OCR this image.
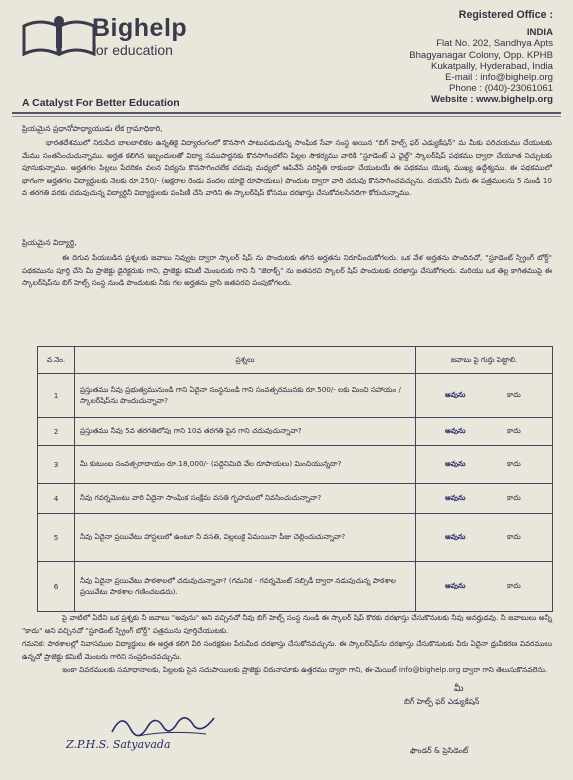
Bighelp
for education
A Catalyst For Better Education
Registered Office :
INDIA
Flat No. 202, Sandhya Apts
Bhagyanagar Colony, Opp. KPHB
Kukatpally, Hyderabad, India
E-mail : info@bighelp.org
Phone : (040)-23061061
Website : www.bighelp.org
ప్రియమైన ప్రధానోపాధ్యాయుడు లేక గ్రామాధికారి,
భారతదేశములో నిరుపేద బాలబాలికల ఉన్నతికై విద్యారంగంలో కొనసాగి పాటుపడుచున్న సాంఘిక సేవా సంస్థ అయిన "బిగ్ హెల్ప్ ఫర్ ఎడ్యుకేషన్" మ మీకు పరిచయము చేయుటకు మేము సంతసించుచున్నాము. అర్హత కలిగిన ఇబ్బందులతో విద్యా సముపార్జనకు కొనసాగించలేని పిల్లల సౌకర్యము వారికి "స్టూడెంట్ ఎ ఛైల్డ్" స్కాలర్‌షిప్ పథకము ద్వారా చేయూత నిచ్చుటకు పూనుకున్నాము. అర్హతగల పిల్లలు పేదరికం వలన విద్యను కొనసాగించలేక చదువు మధ్యలో ఆపివేసే పరిస్థితి రాకుండా చేయుటయే ఈ పథకము యొక్క ముఖ్య ఉద్దేశ్యము. ఈ పథకములో భాగంగా అర్హతగల విద్యార్థులకు నెలకు రూ.250/- (అక్షరాల రెండు వందల యాభై రూపాయలు) పొందుట ద్వారా వారి చదువు కొనసాగించవచ్చును. దయచేసి మీరు ఈ పత్రములను 5 నుండి 10 వ తరగతి వరకు చదువుచున్న విద్యార్థినీ విద్యార్థులకు పంపిణీ చేసి వారిని ఈ స్కాలర్‌షిప్ కోసము దరఖాస్తు చేసుకోవలసినదిగా కోరుచున్నాము.
ప్రియమైన విద్యార్థి,
ఈ దిగువ పేయబడిన ప్రశ్నలకు జవాబు నివ్వుట ద్వారా స్కాలర్ షిప్ ను పొందుటకు తగిన అర్హతను నిరూపించుకోగలరు. ఒక వేళ అర్హతను పొందినచో, "స్టూడెంట్ స్ప్రింగ్ బోర్డ్" పథకమును పూర్తి చేసి మీ ప్రాజెక్టు డైరెక్టరుకు గాని, ప్రాజెక్టు కమిటీ మెంబరుకు గాని నీ "జెరాక్స్" ను జతపరచి స్కాలర్ షిప్ పొందుటకు దరఖాస్తు చేసుకోగలరు. మరియు ఒక తెల్ల కాగితముపై ఈ స్కాలర్‌షిప్‌ను బిగ్ హెల్ప్ సంస్థ నుండి పొందుటకు నీకు గల అర్హతను వ్రాసి జతపరచి పంపుకోగలరు.
వ.నెం.	ప్రశ్నలు	జవాబు పై గుర్తు పెట్టాలి.
1	ప్రస్తుతము నీవు ప్రభుత్వమునుండి గాని ఏదైనా సంస్థనుండి గాని సంవత్సరమునకు రూ.500/- లకు మించి సహాయం / స్కాలర్‌షిప్‌ను పొందుచున్నావా?	అవును కాదు
2	ప్రస్తుతము నీవు 5వ తరగతిలోపు గాని 10వ తరగతి పైన గాని చదువుచున్నావా?	అవును కాదు
3	మీ కుటుంబ సంవత్సరాదాయం రూ.18,000/- (పద్దెనిమిది వేల రూపాయలు) మించియున్నదా?	అవును కాదు
4	నీవు గవర్నమెంటు వారి ఏదైనా సాంఘిక సంక్షేమ వసతి గృహములో నివసించుచున్నావా?	అవును కాదు
5	నీవు ఏదైనా ప్రయివేటు హాస్టలులో ఉంటూ నీ వసతి, విల్లలుకై ఏమయినా పీజు చెల్లించుచున్నావా?	అవును కాదు
6	నీవు ఏదైనా ప్రయివేటు పాఠశాలలో చదువుచున్నావా? (గమనిక - గవర్నమెంట్ సబ్సిడీ ద్వారా నడుపుచున్న పాఠశాల ప్రయివేటు పాఠశాల గణించబడదు).	అవును కాదు
పై వాటిలో ఏదేని ఒక ప్రశ్నకు నీ జవాబు "అవును" అని వచ్చినచో నీవు బిగ్ హెల్ప్ సంస్థ నుండి ఈ స్కాలర్ షిప్ కొరకు దరఖాస్తు చేసుకొనుటకు నీవు అనర్హుడవు. నీ జవాబులు అన్నీ "కాదు" అని వచ్చినచో "స్టూడెంట్ స్ప్రింగ్ బోర్డ్" పత్రమును పూర్తిచేయుటకు.
గమనిక: పాఠశాలల్లో నివాసముల విద్యార్థులు ఈ అర్హత కలిగి వీరి సంరక్షకుల పేరుమీద దరఖాస్తు చేసుకోనవచ్చును. ఈ స్కాలర్‌షిప్‌ను దరఖాస్తు చేసుకొనుటకు వీరు ఏదైనా ధ్రువీకరణ వివరములు ఉన్నచో ప్రాజెక్టు కమిటీ మెంబరు గారిని సంప్రదించవచ్చును.
ఇంకా వివరములకు సమాధానాలకు, పిల్లలకు సైన సదుపాయిలకు ప్రాజెక్టు చిరునామాకు ఉత్తరము ద్వారా గాని, ఈ-మెయిల్ info@bighelp.org ద్వారా గాని తెలుసుకొనవలెను.
Z.P.H.S. Satyavada
మీ
బిగ్ హెల్ప్ ఫర్ ఎడ్యుకేషన్
ఫౌండర్ & ప్రెసిడెంట్
